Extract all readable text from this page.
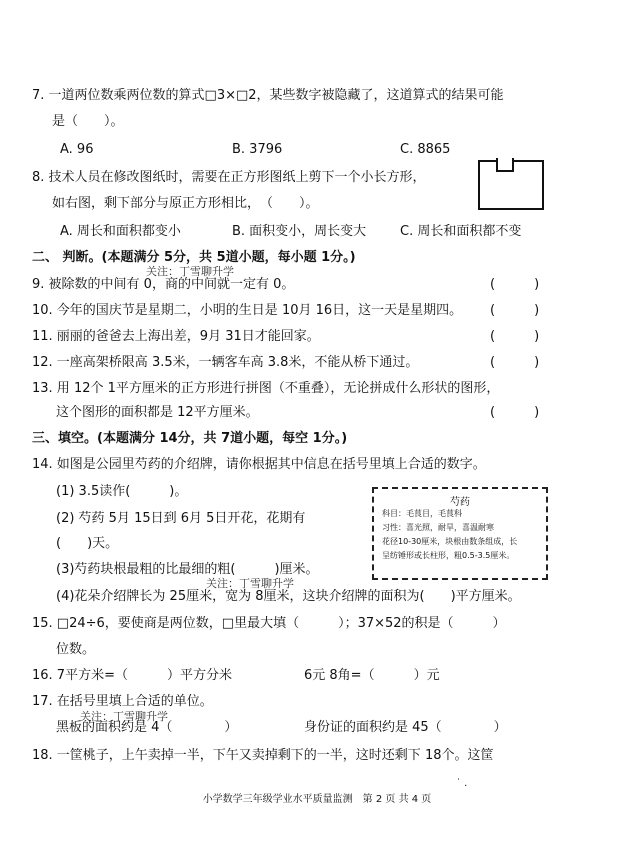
7. 一道两位数乘两位数的算式□3×□2，某些数字被隐藏了，这道算式的结果可能
是（　　）。
A. 96	B. 3796	C. 8865
8. 技术人员在修改图纸时，需要在正方形图纸上剪下一个小长方形，
如右图，剩下部分与原正方形相比，　（　　）。
A. 周长和面积都变小	B. 面积变小，周长变大	C. 周长和面积都不变
二、 判断。(本题满分 5分，共 5道小题，每小题 1分。)
关注：丁雪聊升学
9. 被除数的中间有 0，商的中间就一定有 0。	(　　　)
10. 今年的国庆节是星期二，小明的生日是 10月 16日，这一天是星期四。 (　　　)
11. 丽丽的爸爸去上海出差，9月 31日才能回家。	(　　　)
12. 一座高架桥限高 3.5米，一辆客车高 3.8米，不能从桥下通过。	(　　　)
13. 用 12个 1平方厘米的正方形进行拼图（不重叠），无论拼成什么形状的图形，
这个图形的面积都是 12平方厘米。	(　　　)
三、填空。(本题满分 14分，共 7道小题，每空 1分。)
14. 如图是公园里芍药的介绍牌，请你根据其中信息在括号里填上合适的数字。
(1) 3.5读作(　　　)。
(2) 芍药 5月 15日到 6月 5日开花，花期有
(　　)天。
(3)芍药块根最粗的比最细的粗(　　　)厘米。
关注：丁雪聊升学
(4)花朵介绍牌长为 25厘米，宽为 8厘米，这块介绍牌的面积为(　　)平方厘米。
芍药
科目：毛茛目，毛茛科
习性：喜光照，耐旱，喜温耐寒
花径10-30厘米，块根由数条组成，长
呈纺锤形或长柱形，粗0.5-3.5厘米。
15. □24÷6，要使商是两位数，□里最大填（　　　）；37×52的积是（　　　）
位数。
16. 7平方米=（　　　）平方分米	6元 8角=（　　　）元
17. 在括号里填上合适的单位。
关注：丁雪聊升学
黑板的面积约是 4（　　　　）	身份证的面积约是 45（　　　　）
18. 一筐桃子，上午卖掉一半，下午又卖掉剩下的一半，这时还剩下 18个。这筐
˙ .
小学数学三年级学业水平质量监测　第 2 页 共 4 页
